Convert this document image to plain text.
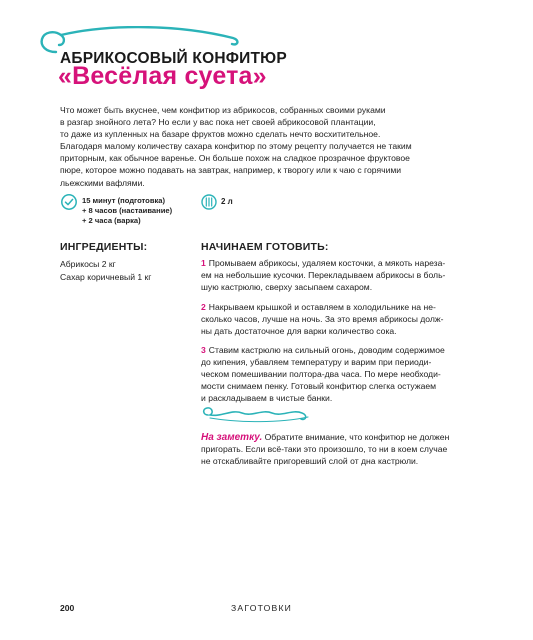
АБРИКОСОВЫЙ КОНФИТЮР
«Весёлая суета»

Что может быть вкуснее, чем конфитюр из абрикосов, собранных своими руками

в разгар знойного лета? Но если у вас пока нет своей абрикосовой плантации,

то даже из купленных на базаре фруктов можно сделать нечто восхитительное.

Благодаря малому количеству сахара конфитюр по этому рецепту получается не таким

приторным, как обычное варенье. Он больше похож на сладкое прозрачное фруктовое

пюре, которое можно подавать на завтрак, например, к творогу или к чаю с горячими

льежскими вафлями.

15 минут (подготовка)
+ 8 часов (настаивание)
+ 2 часа (варка)
2 л
ИНГРЕДИЕНТЫ:
Абрикосы 2 кг
Сахар коричневый 1 кг
НАЧИНАЕМ ГОТОВИТЬ:
1 Промываем абрикосы, удаляем косточки, а мякоть нареза-
ем на небольшие кусочки. Перекладываем абрикосы в боль-
шую кастрюлю, сверху засыпаем сахаром.
2 Накрываем крышкой и оставляем в холодильнике на не-
сколько часов, лучше на ночь. За это время абрикосы долж-
ны дать достаточное для варки количество сока.
3 Ставим кастрюлю на сильный огонь, доводим содержимое
до кипения, убавляем температуру и варим при периоди-
ческом помешивании полтора-два часа. По мере необходи-
мости снимаем пенку. Готовый конфитюр слегка остужаем
и раскладываем в чистые банки.
На заметку. Обратите внимание, что конфитюр не должен
пригорать. Если всё-таки это произошло, то ни в коем случае
не отскабливайте пригоревший слой от дна кастрюли.
200	ЗАГОТОВКИ
